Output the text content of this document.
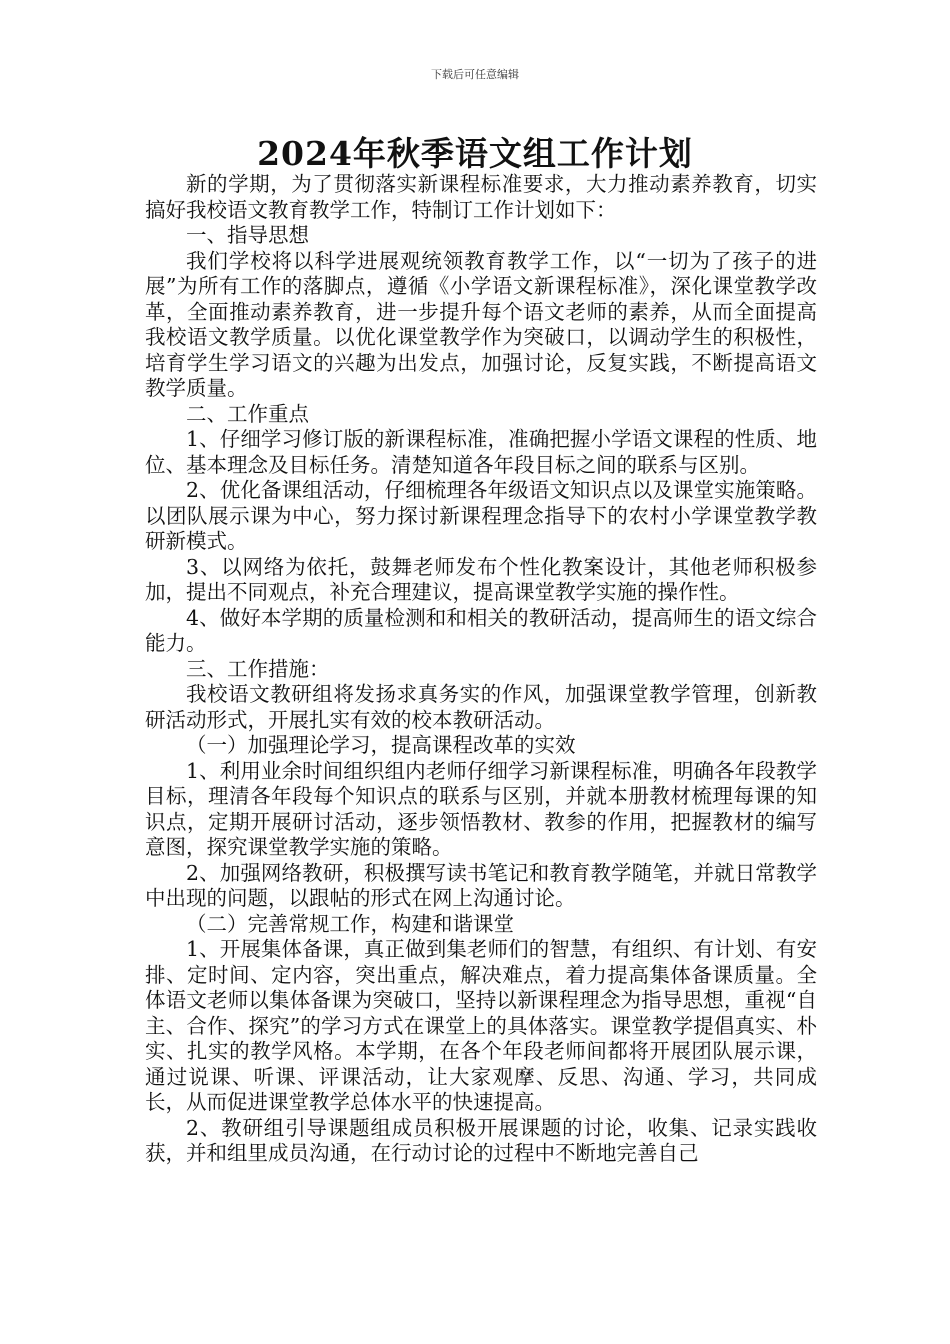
下载后可任意编辑
2024年秋季语文组工作计划

新的学期，为了贯彻落实新课程标准要求，大力推动素养教育，切实搞好我校语文教育教学工作，特制订工作计划如下：

一、指导思想

我们学校将以科学进展观统领教育教学工作，以“一切为了孩子的进展”为所有工作的落脚点，遵循《小学语文新课程标准》，深化课堂教学改革，全面推动素养教育，进一步提升每个语文老师的素养，从而全面提高我校语文教学质量。以优化课堂教学作为突破口，以调动学生的积极性，培育学生学习语文的兴趣为出发点，加强讨论，反复实践，不断提高语文教学质量。

二、工作重点

1、仔细学习修订版的新课程标准，准确把握小学语文课程的性质、地位、基本理念及目标任务。清楚知道各年段目标之间的联系与区别。

2、优化备课组活动，仔细梳理各年级语文知识点以及课堂实施策略。以团队展示课为中心，努力探讨新课程理念指导下的农村小学课堂教学教研新模式。

3、以网络为依托，鼓舞老师发布个性化教案设计，其他老师积极参加，提出不同观点，补充合理建议，提高课堂教学实施的操作性。

4、做好本学期的质量检测和和相关的教研活动，提高师生的语文综合能力。

三、工作措施：

我校语文教研组将发扬求真务实的作风，加强课堂教学管理，创新教研活动形式，开展扎实有效的校本教研活动。

（一）加强理论学习，提高课程改革的实效

1、利用业余时间组织组内老师仔细学习新课程标准，明确各年段教学目标，理清各年段每个知识点的联系与区别，并就本册教材梳理每课的知识点，定期开展研讨活动，逐步领悟教材、教参的作用，把握教材的编写意图，探究课堂教学实施的策略。

2、加强网络教研，积极撰写读书笔记和教育教学随笔，并就日常教学中出现的问题，以跟帖的形式在网上沟通讨论。

（二）完善常规工作，构建和谐课堂

1、开展集体备课，真正做到集老师们的智慧，有组织、有计划、有安排、定时间、定内容，突出重点，解决难点，着力提高集体备课质量。全体语文老师以集体备课为突破口，坚持以新课程理念为指导思想，重视“自主、合作、探究”的学习方式在课堂上的具体落实。课堂教学提倡真实、朴实、扎实的教学风格。本学期，在各个年段老师间都将开展团队展示课，通过说课、听课、评课活动，让大家观摩、反思、沟通、学习，共同成长，从而促进课堂教学总体水平的快速提高。

2、教研组引导课题组成员积极开展课题的讨论，收集、记录实践收获，并和组里成员沟通，在行动讨论的过程中不断地完善自己
